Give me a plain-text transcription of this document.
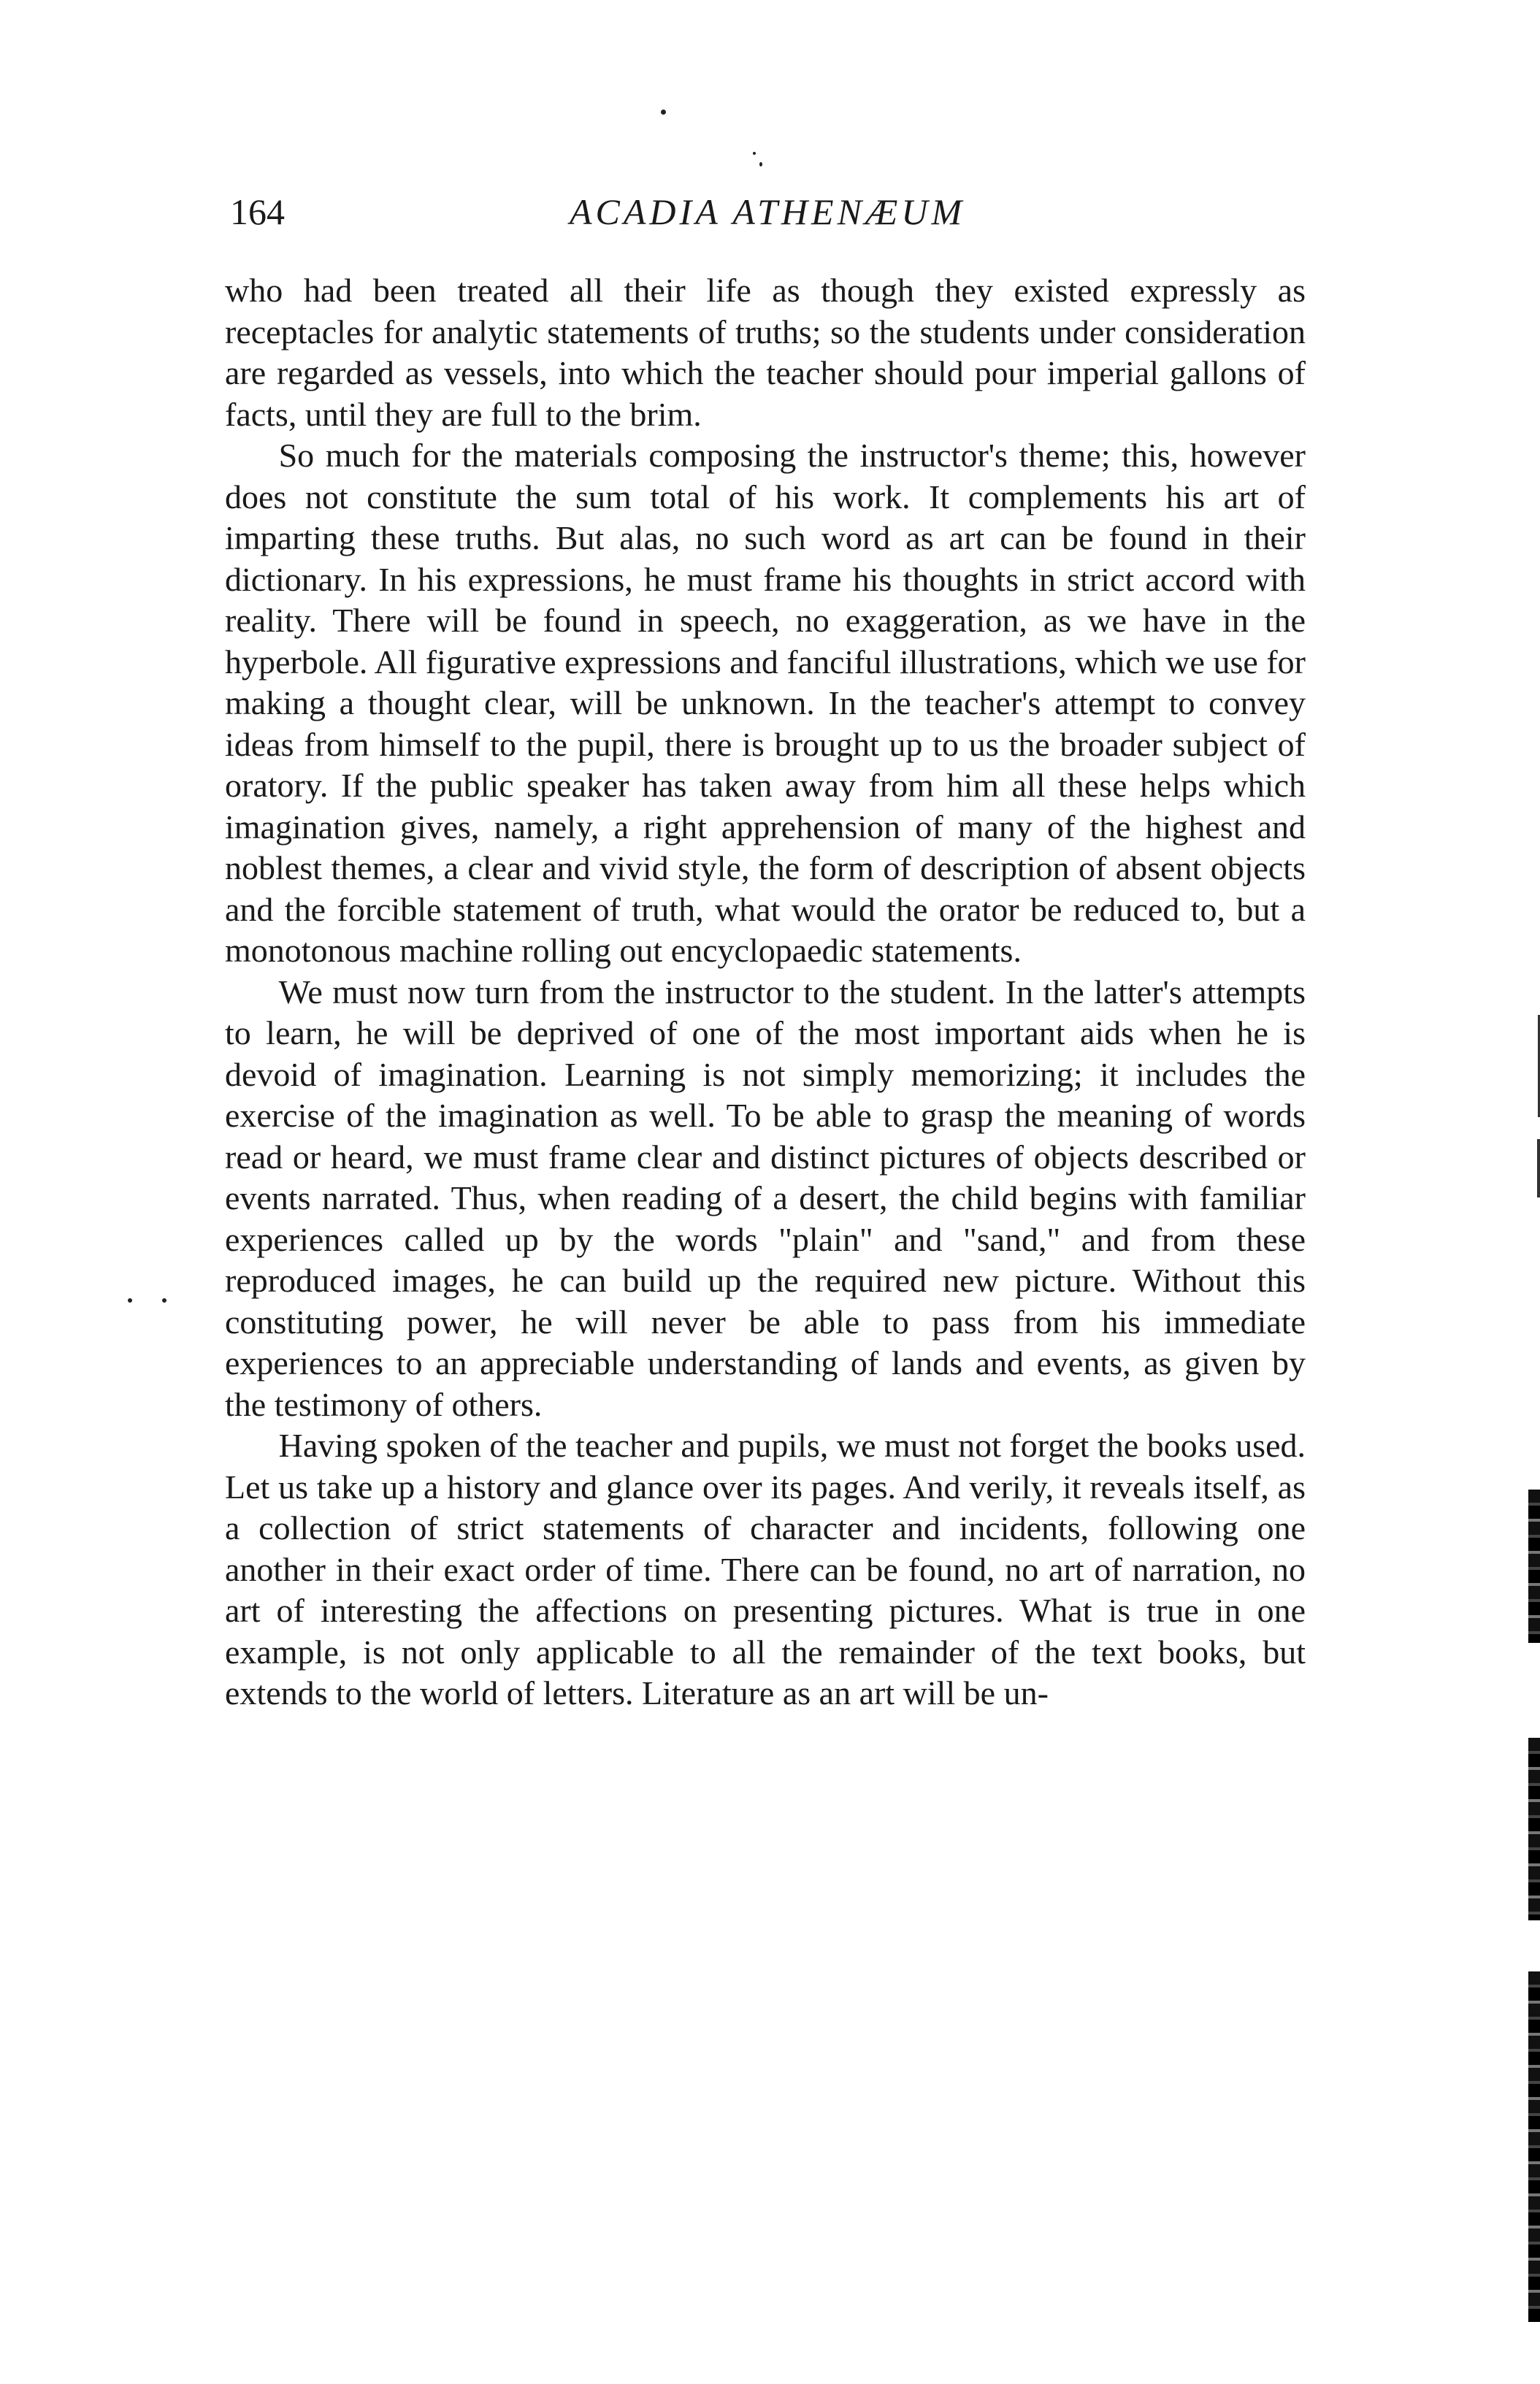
164	ACADIA ATHENÆUM

who had been treated all their life as though they existed expressly as receptacles for analytic statements of truths; so the students under consideration are regarded as vessels, into which the teacher should pour imperial gallons of facts, until they are full to the brim.

So much for the materials composing the instructor's theme; this, however does not constitute the sum total of his work. It complements his art of imparting these truths. But alas, no such word as art can be found in their dictionary. In his expressions, he must frame his thoughts in strict accord with reality. There will be found in speech, no exaggeration, as we have in the hyperbole. All figurative expressions and fanciful illustrations, which we use for making a thought clear, will be unknown. In the teacher's attempt to convey ideas from himself to the pupil, there is brought up to us the broader subject of oratory. If the public speaker has taken away from him all these helps which imagination gives, namely, a right apprehension of many of the highest and noblest themes, a clear and vivid style, the form of description of absent objects and the forcible statement of truth, what would the orator be reduced to, but a monotonous machine rolling out encyclopaedic statements.

We must now turn from the instructor to the student. In the latter's attempts to learn, he will be deprived of one of the most important aids when he is devoid of imagination. Learning is not simply memorizing; it includes the exercise of the imagination as well. To be able to grasp the meaning of words read or heard, we must frame clear and distinct pictures of objects described or events narrated. Thus, when reading of a desert, the child begins with familiar experiences called up by the words "plain" and "sand," and from these reproduced images, he can build up the required new picture. Without this constituting power, he will never be able to pass from his immediate experiences to an appreciable understanding of lands and events, as given by the testimony of others.

Having spoken of the teacher and pupils, we must not forget the books used. Let us take up a history and glance over its pages. And verily, it reveals itself, as a collection of strict statements of character and incidents, following one another in their exact order of time. There can be found, no art of narration, no art of interesting the affections on presenting pictures. What is true in one example, is not only applicable to all the remainder of the text books, but extends to the world of letters. Literature as an art will be un-
